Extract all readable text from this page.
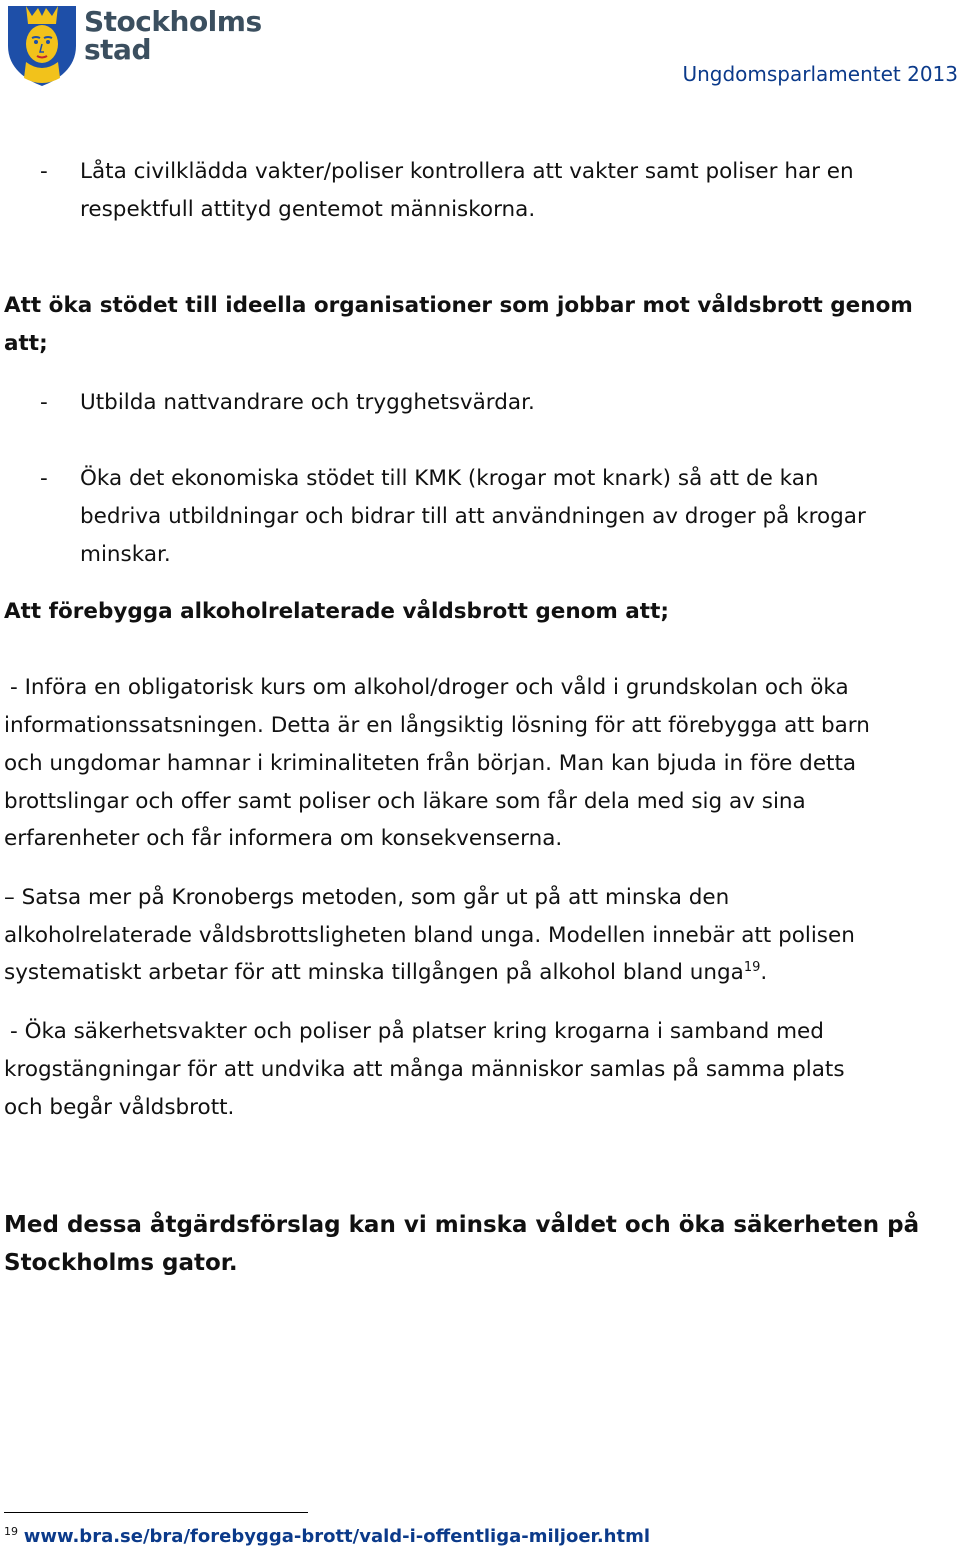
Stockholms
stad
Ungdomsparlamentet 2013
- Låta civilklädda vakter/poliser kontrollera att vakter samt poliser har en
respektfull attityd gentemot människorna.
Att öka stödet till ideella organisationer som jobbar mot våldsbrott genom
att;
- Utbilda nattvandrare och trygghetsvärdar.
- Öka det ekonomiska stödet till KMK (krogar mot knark) så att de kan
bedriva utbildningar och bidrar till att användningen av droger på krogar
minskar.
Att förebygga alkoholrelaterade våldsbrott genom att;
- Införa en obligatorisk kurs om alkohol/droger och våld i grundskolan och öka
informationssatsningen. Detta är en långsiktig lösning för att förebygga att barn
och ungdomar hamnar i kriminaliteten från början. Man kan bjuda in före detta
brottslingar och offer samt poliser och läkare som får dela med sig av sina
erfarenheter och får informera om konsekvenserna.
– Satsa mer på Kronobergs metoden, som går ut på att minska den
alkoholrelaterade våldsbrottsligheten bland unga. Modellen innebär att polisen
systematiskt arbetar för att minska tillgången på alkohol bland unga$^{19}$.
- Öka säkerhetsvakter och poliser på platser kring krogarna i samband med
krogstängningar för att undvika att många människor samlas på samma plats
och begår våldsbrott.
Med dessa åtgärdsförslag kan vi minska våldet och öka säkerheten på
Stockholms gator.
$^{19}$ www.bra.se/bra/forebygga-brott/vald-i-offentliga-miljoer.html
